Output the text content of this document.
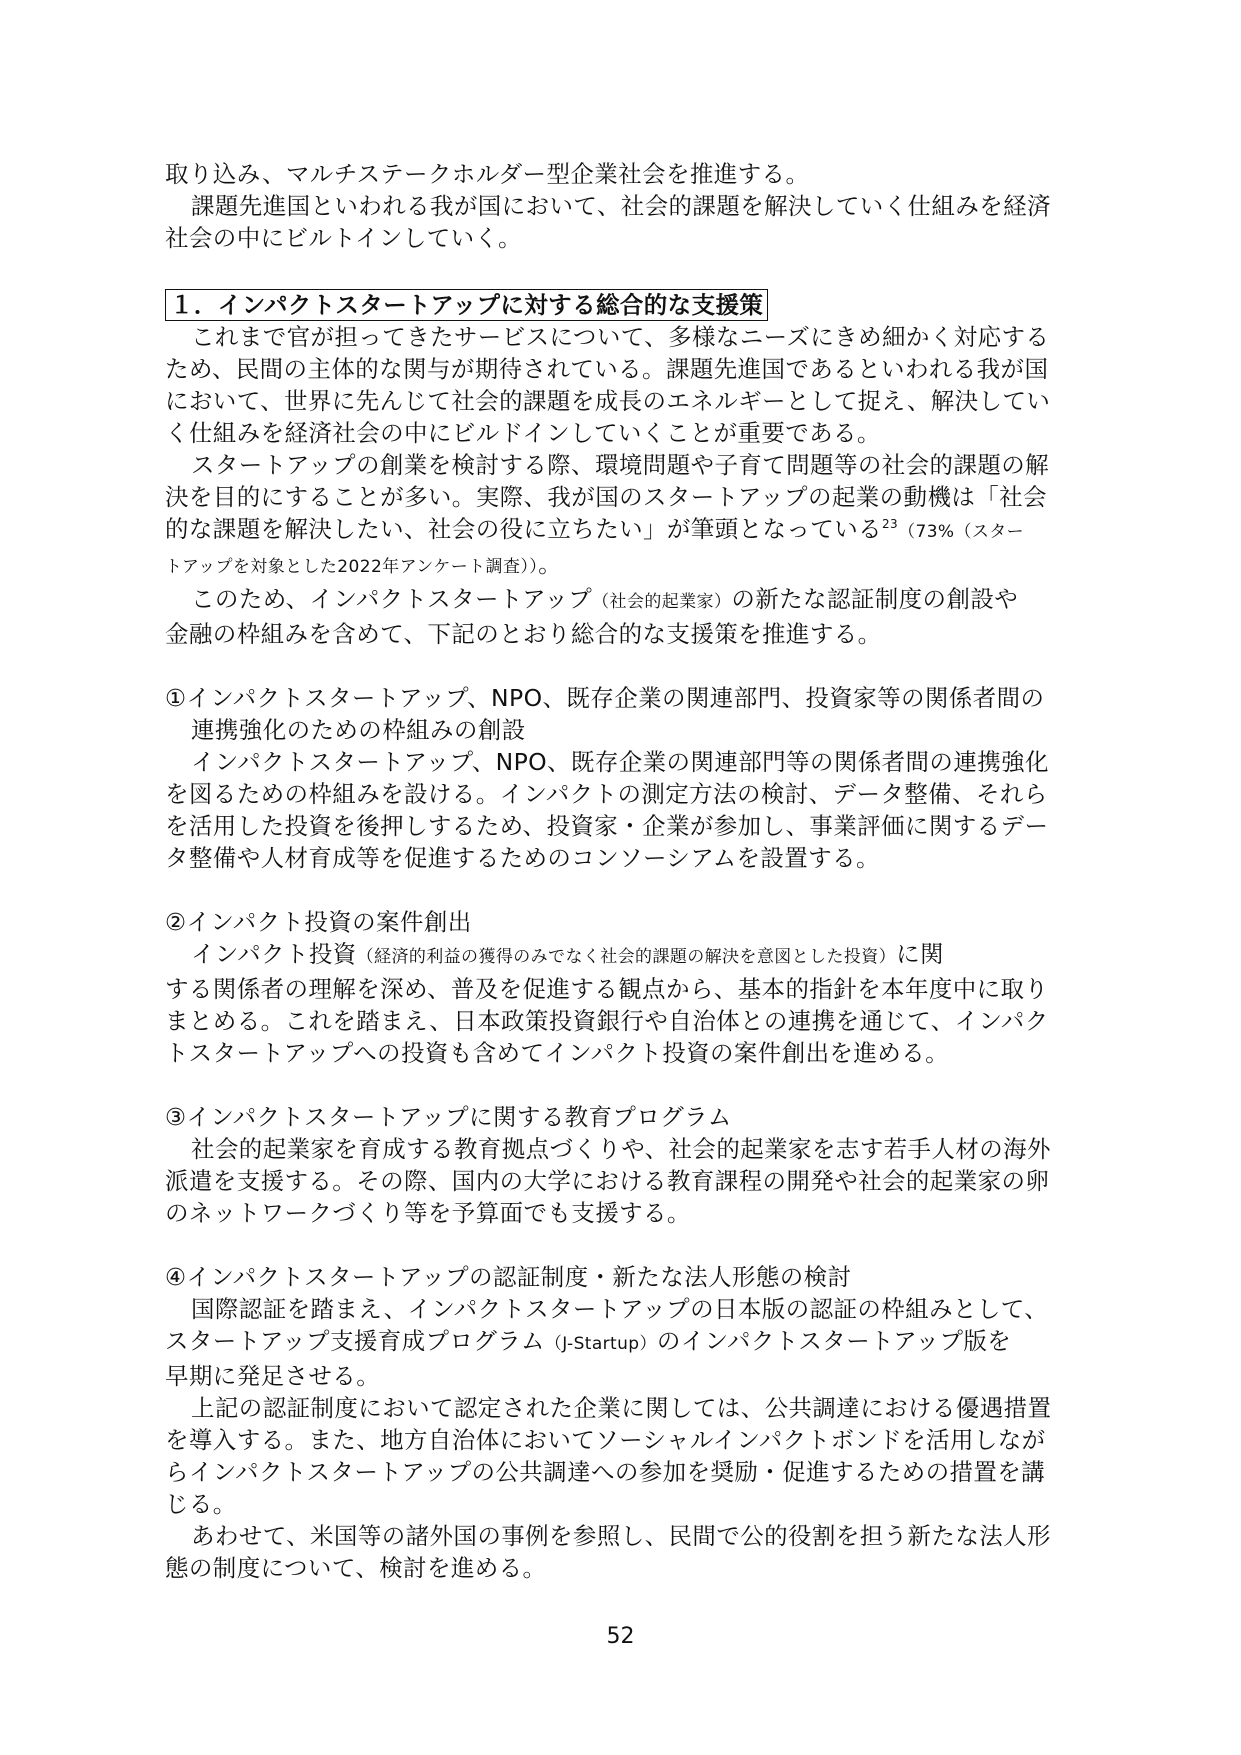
取り込み、マルチステークホルダー型企業社会を推進する。
課題先進国といわれる我が国において、社会的課題を解決していく仕組みを経済
社会の中にビルトインしていく。
１．インパクトスタートアップに対する総合的な支援策
これまで官が担ってきたサービスについて、多様なニーズにきめ細かく対応する
ため、民間の主体的な関与が期待されている。課題先進国であるといわれる我が国
において、世界に先んじて社会的課題を成長のエネルギーとして捉え、解決してい
く仕組みを経済社会の中にビルドインしていくことが重要である。
スタートアップの創業を検討する際、環境問題や子育て問題等の社会的課題の解
決を目的にすることが多い。実際、我が国のスタートアップの起業の動機は「社会
的な課題を解決したい、社会の役に立ちたい」が筆頭となっている$^{23}$（73%（スター
トアップを対象とした2022年アンケート調査））。
このため、インパクトスタートアップ（社会的起業家）の新たな認証制度の創設や
金融の枠組みを含めて、下記のとおり総合的な支援策を推進する。
①インパクトスタートアップ、NPO、既存企業の関連部門、投資家等の関係者間の
連携強化のための枠組みの創設
インパクトスタートアップ、NPO、既存企業の関連部門等の関係者間の連携強化
を図るための枠組みを設ける。インパクトの測定方法の検討、データ整備、それら
を活用した投資を後押しするため、投資家・企業が参加し、事業評価に関するデー
タ整備や人材育成等を促進するためのコンソーシアムを設置する。
②インパクト投資の案件創出
インパクト投資（経済的利益の獲得のみでなく社会的課題の解決を意図とした投資）に関
する関係者の理解を深め、普及を促進する観点から、基本的指針を本年度中に取り
まとめる。これを踏まえ、日本政策投資銀行や自治体との連携を通じて、インパク
トスタートアップへの投資も含めてインパクト投資の案件創出を進める。
③インパクトスタートアップに関する教育プログラム
社会的起業家を育成する教育拠点づくりや、社会的起業家を志す若手人材の海外
派遣を支援する。その際、国内の大学における教育課程の開発や社会的起業家の卵
のネットワークづくり等を予算面でも支援する。
④インパクトスタートアップの認証制度・新たな法人形態の検討
国際認証を踏まえ、インパクトスタートアップの日本版の認証の枠組みとして、
スタートアップ支援育成プログラム（J-Startup）のインパクトスタートアップ版を
早期に発足させる。
上記の認証制度において認定された企業に関しては、公共調達における優遇措置
を導入する。また、地方自治体においてソーシャルインパクトボンドを活用しなが
らインパクトスタートアップの公共調達への参加を奨励・促進するための措置を講
じる。
あわせて、米国等の諸外国の事例を参照し、民間で公的役割を担う新たな法人形
態の制度について、検討を進める。
52
